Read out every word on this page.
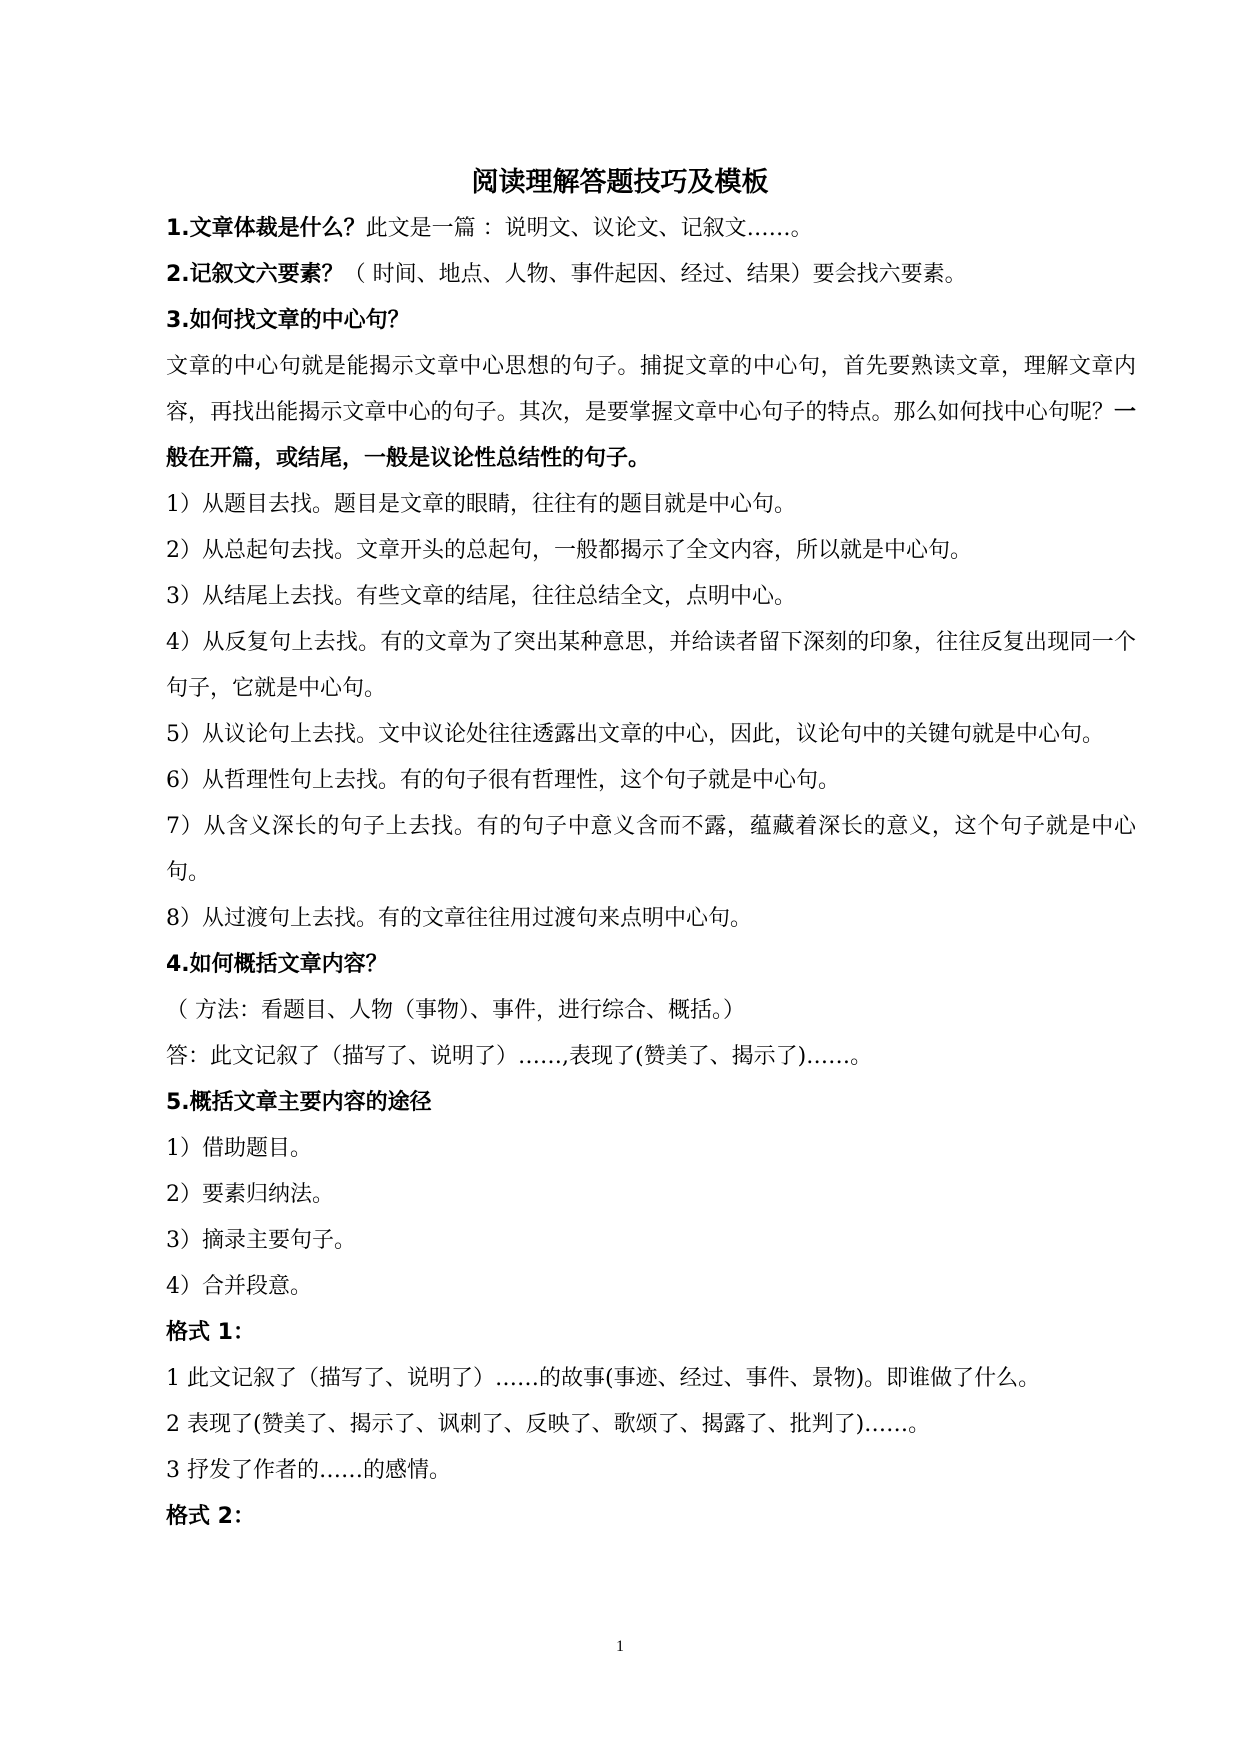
阅读理解答题技巧及模板
1.文章体裁是什么？此文是一篇 ：说明文、议论文、记叙文……。
2.记叙文六要素？（ 时间、地点、人物、事件起因、经过、结果）要会找六要素。
3.如何找文章的中心句？
文章的中心句就是能揭示文章中心思想的句子。捕捉文章的中心句，首先要熟读文章，理解文章内容，再找出能揭示文章中心的句子。其次，是要掌握文章中心句子的特点。那么如何找中心句呢？一般在开篇，或结尾，一般是议论性总结性的句子。
1）从题目去找。题目是文章的眼睛，往往有的题目就是中心句。
2）从总起句去找。文章开头的总起句，一般都揭示了全文内容，所以就是中心句。
3）从结尾上去找。有些文章的结尾，往往总结全文，点明中心。
4）从反复句上去找。有的文章为了突出某种意思，并给读者留下深刻的印象，往往反复出现同一个句子，它就是中心句。
5）从议论句上去找。文中议论处往往透露出文章的中心，因此，议论句中的关键句就是中心句。
6）从哲理性句上去找。有的句子很有哲理性，这个句子就是中心句。
7）从含义深长的句子上去找。有的句子中意义含而不露，蕴藏着深长的意义，这个句子就是中心句。
8）从过渡句上去找。有的文章往往用过渡句来点明中心句。
4.如何概括文章内容？
（ 方法：看题目、人物（事物）、事件，进行综合、概括。）
答：此文记叙了（描写了、说明了）……,表现了(赞美了、揭示了)……。
5.概括文章主要内容的途径
1）借助题目。
2）要素归纳法。
3）摘录主要句子。
4）合并段意。
格式 1：
1 此文记叙了（描写了、说明了）……的故事(事迹、经过、事件、景物)。即谁做了什么。
2 表现了(赞美了、揭示了、讽刺了、反映了、歌颂了、揭露了、批判了)……。
3 抒发了作者的……的感情。
格式 2：
1
